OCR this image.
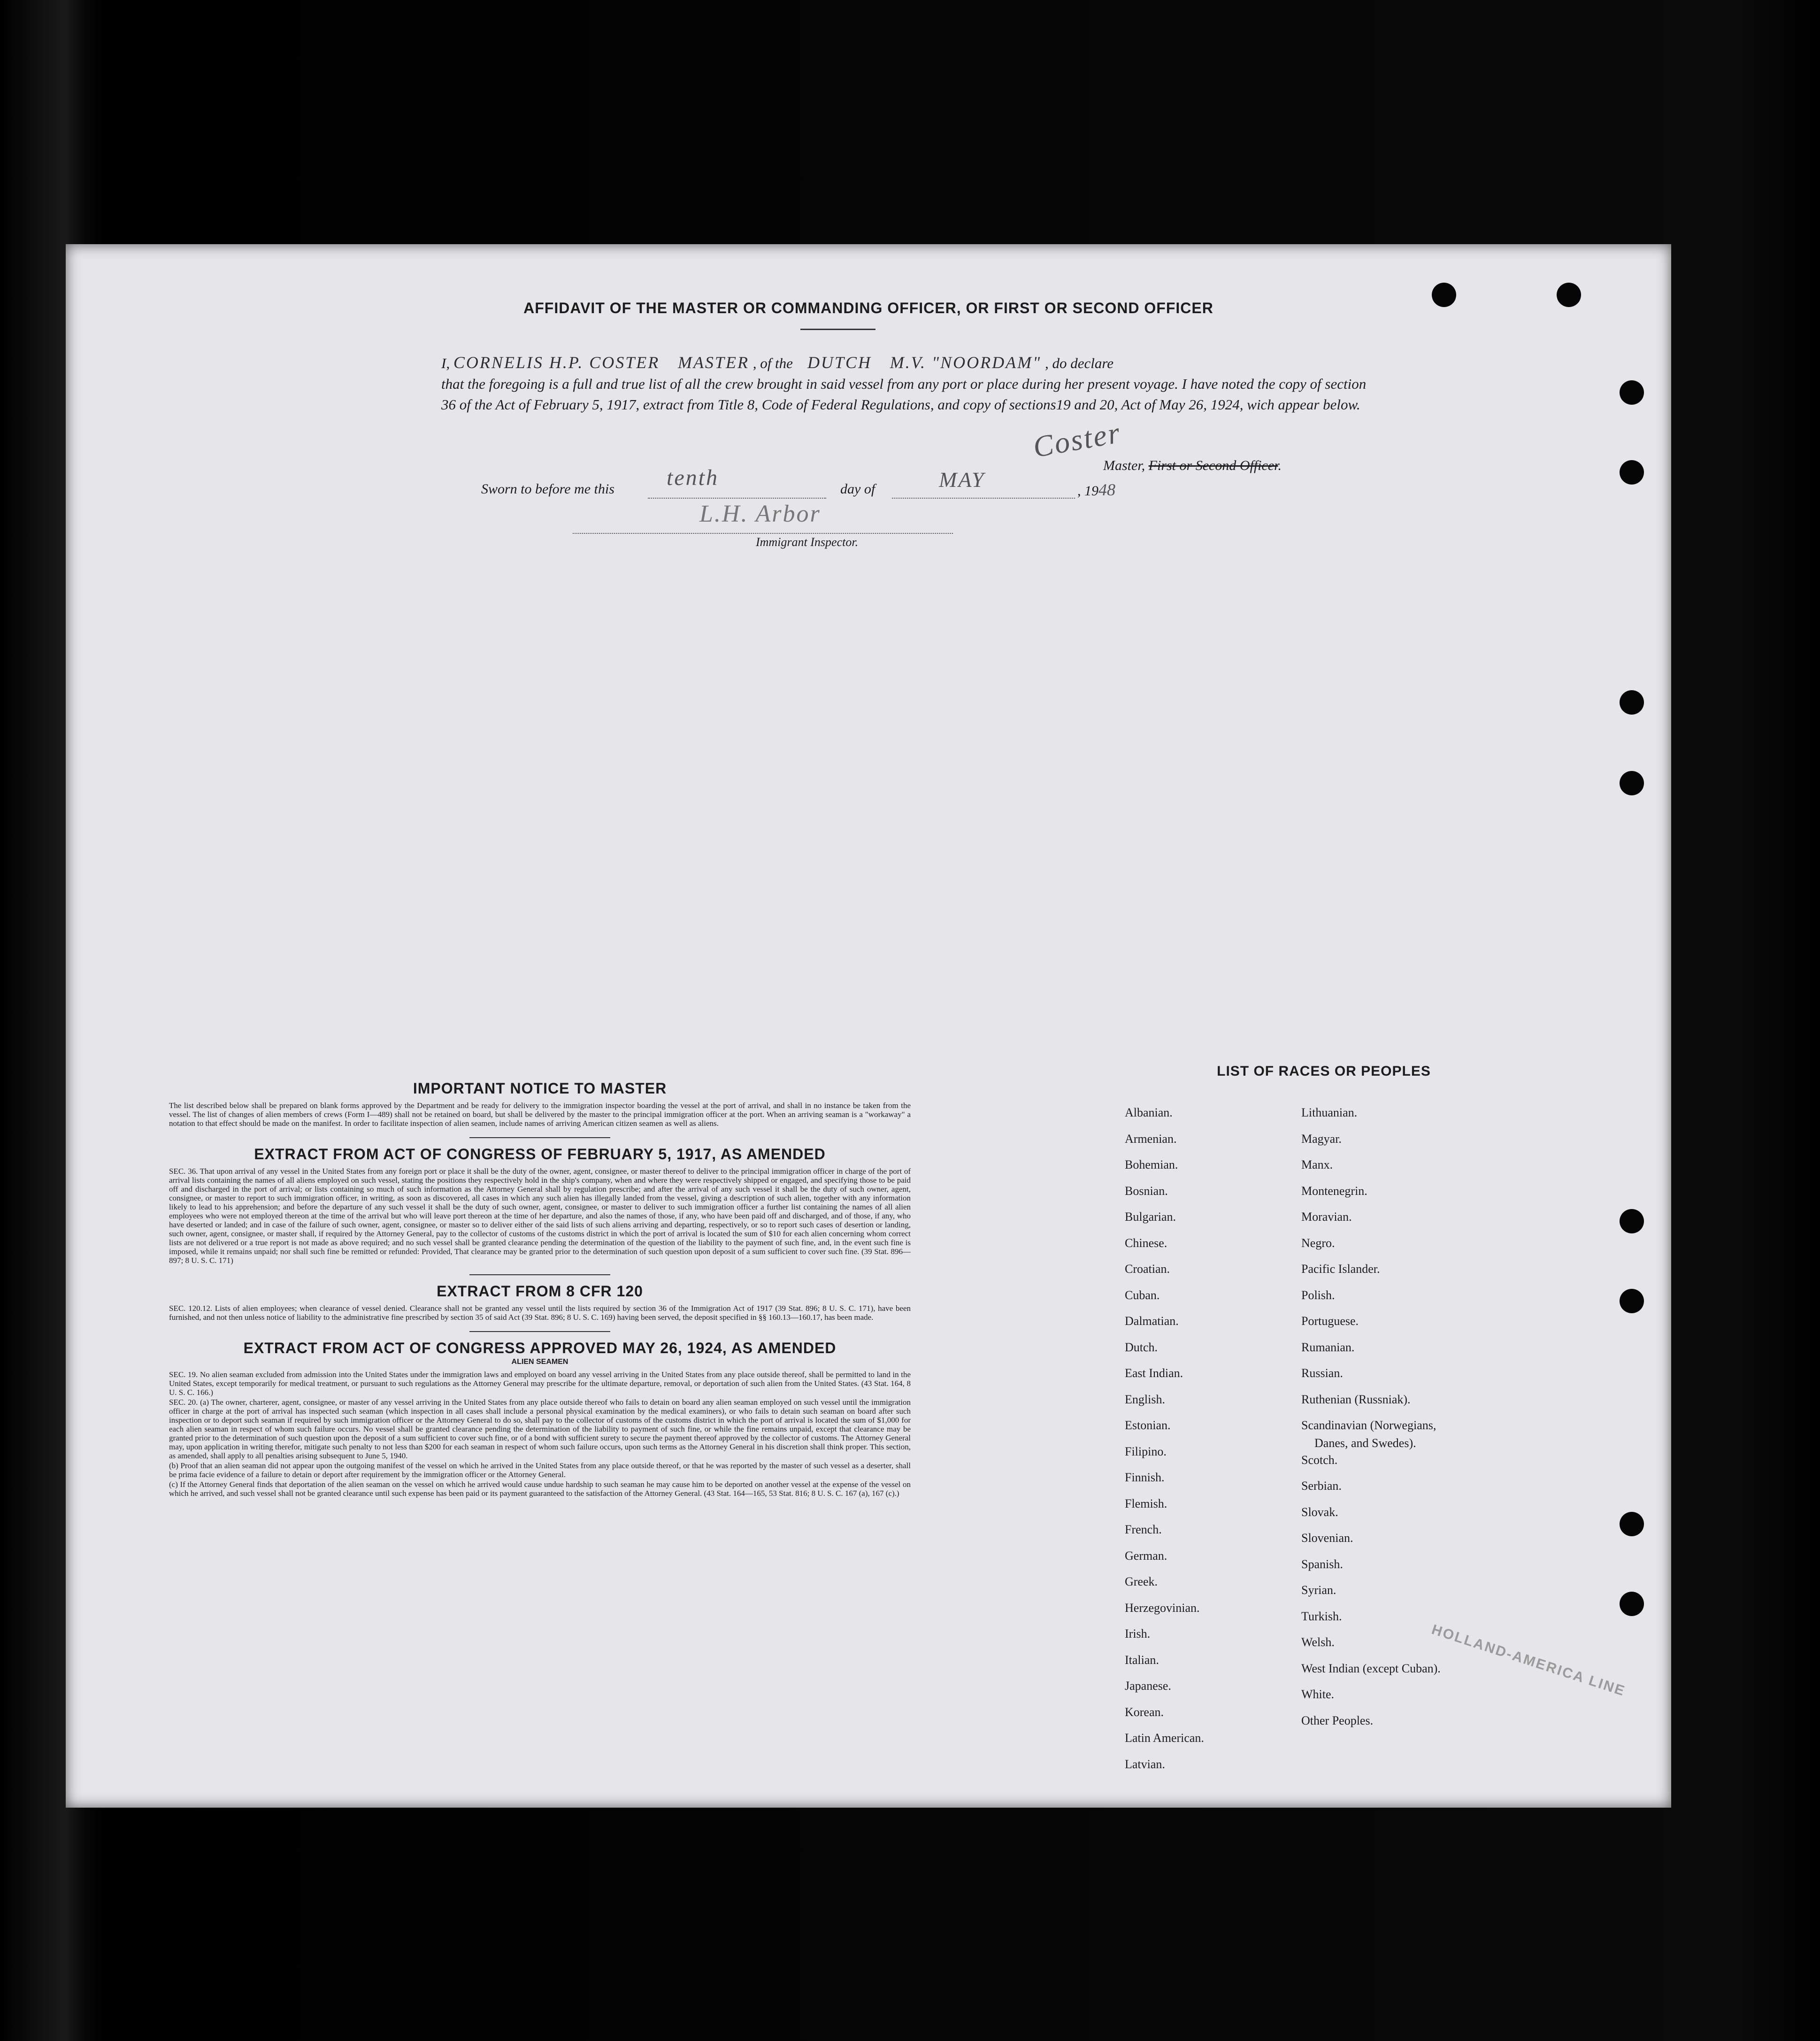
AFFIDAVIT OF THE MASTER OR COMMANDING OFFICER, OR FIRST OR SECOND OFFICER
I, CORNELIS H.P. COSTER MASTER , of the DUTCH M.V. "NOORDAM" , do declare
that the foregoing is a full and true list of all the crew brought in said vessel from any port or place during her present voyage. I have noted the copy of section 36 of the Act of February 5, 1917, extract from Title 8, Code of Federal Regulations, and copy of sections19 and 20, Act of May 26, 1924, wich appear below.
Coster
Master, First or Second Officer.
Sworn to before me this tenth	day of	MAY	, 1948
L.H. Arbor
Immigrant Inspector.

IMPORTANT NOTICE TO MASTER

The list described below shall be prepared on blank forms approved by the Department and be ready for delivery to the immigration inspector boarding the vessel at the port of arrival, and shall in no instance be taken from the vessel. The list of changes of alien members of crews (Form I—489) shall not be retained on board, but shall be delivered by the master to the principal immigration officer at the port. When an arriving seaman is a "workaway" a notation to that effect should be made on the manifest. In order to facilitate inspection of alien seamen, include names of arriving American citizen seamen as well as aliens.

EXTRACT FROM ACT OF CONGRESS OF FEBRUARY 5, 1917, AS AMENDED

SEC. 36. That upon arrival of any vessel in the United States from any foreign port or place it shall be the duty of the owner, agent, consignee, or master thereof to deliver to the principal immigration officer in charge of the port of arrival lists containing the names of all aliens employed on such vessel, stating the positions they respectively hold in the ship's company, when and where they were respectively shipped or engaged, and specifying those to be paid off and discharged in the port of arrival; or lists containing so much of such information as the Attorney General shall by regulation prescribe; and after the arrival of any such vessel it shall be the duty of such owner, agent, consignee, or master to report to such immigration officer, in writing, as soon as discovered, all cases in which any such alien has illegally landed from the vessel, giving a description of such alien, together with any information likely to lead to his apprehension; and before the departure of any such vessel it shall be the duty of such owner, agent, consignee, or master to deliver to such immigration officer a further list containing the names of all alien employees who were not employed thereon at the time of the arrival but who will leave port thereon at the time of her departure, and also the names of those, if any, who have been paid off and discharged, and of those, if any, who have deserted or landed; and in case of the failure of such owner, agent, consignee, or master so to deliver either of the said lists of such aliens arriving and departing, respectively, or so to report such cases of desertion or landing, such owner, agent, consignee, or master shall, if required by the Attorney General, pay to the collector of customs of the customs district in which the port of arrival is located the sum of $10 for each alien concerning whom correct lists are not delivered or a true report is not made as above required; and no such vessel shall be granted clearance pending the determination of the question of the liability to the payment of such fine, and, in the event such fine is imposed, while it remains unpaid; nor shall such fine be remitted or refunded: Provided, That clearance may be granted prior to the determination of such question upon deposit of a sum sufficient to cover such fine. (39 Stat. 896—897; 8 U. S. C. 171)

EXTRACT FROM 8 CFR 120

SEC. 120.12. Lists of alien employees; when clearance of vessel denied. Clearance shall not be granted any vessel until the lists required by section 36 of the Immigration Act of 1917 (39 Stat. 896; 8 U. S. C. 171), have been furnished, and not then unless notice of liability to the administrative fine prescribed by section 35 of said Act (39 Stat. 896; 8 U. S. C. 169) having been served, the deposit specified in §§ 160.13—160.17, has been made.

EXTRACT FROM ACT OF CONGRESS APPROVED MAY 26, 1924, AS AMENDED

ALIEN SEAMEN

SEC. 19. No alien seaman excluded from admission into the United States under the immigration laws and employed on board any vessel arriving in the United States from any place outside thereof, shall be permitted to land in the United States, except temporarily for medical treatment, or pursuant to such regulations as the Attorney General may prescribe for the ultimate departure, removal, or deportation of such alien from the United States. (43 Stat. 164, 8 U. S. C. 166.)

SEC. 20. (a) The owner, charterer, agent, consignee, or master of any vessel arriving in the United States from any place outside thereof who fails to detain on board any alien seaman employed on such vessel until the immigration officer in charge at the port of arrival has inspected such seaman (which inspection in all cases shall include a personal physical examination by the medical examiners), or who fails to detain such seaman on board after such inspection or to deport such seaman if required by such immigration officer or the Attorney General to do so, shall pay to the collector of customs of the customs district in which the port of arrival is located the sum of $1,000 for each alien seaman in respect of whom such failure occurs. No vessel shall be granted clearance pending the determination of the liability to payment of such fine, or while the fine remains unpaid, except that clearance may be granted prior to the determination of such question upon the deposit of a sum sufficient to cover such fine, or of a bond with sufficient surety to secure the payment thereof approved by the collector of customs. The Attorney General may, upon application in writing therefor, mitigate such penalty to not less than $200 for each seaman in respect of whom such failure occurs, upon such terms as the Attorney General in his discretion shall think proper. This section, as amended, shall apply to all penalties arising subsequent to June 5, 1940.

(b) Proof that an alien seaman did not appear upon the outgoing manifest of the vessel on which he arrived in the United States from any place outside thereof, or that he was reported by the master of such vessel as a deserter, shall be prima facie evidence of a failure to detain or deport after requirement by the immigration officer or the Attorney General.

(c) If the Attorney General finds that deportation of the alien seaman on the vessel on which he arrived would cause undue hardship to such seaman he may cause him to be deported on another vessel at the expense of the vessel on which he arrived, and such vessel shall not be granted clearance until such expense has been paid or its payment guaranteed to the satisfaction of the Attorney General. (43 Stat. 164—165, 53 Stat. 816; 8 U. S. C. 167 (a), 167 (c).)

LIST OF RACES OR PEOPLES
Albanian.
Armenian.
Bohemian.
Bosnian.
Bulgarian.
Chinese.
Croatian.
Cuban.
Dalmatian.
Dutch.
East Indian.
English.
Estonian.
Filipino.
Finnish.
Flemish.
French.
German.
Greek.
Herzegovinian.
Irish.
Italian.
Japanese.
Korean.
Latin American.
Latvian.
Lithuanian.
Magyar.
Manx.
Montenegrin.
Moravian.
Negro.
Pacific Islander.
Polish.
Portuguese.
Rumanian.
Russian.
Ruthenian (Russniak).
Scandinavian (Norwegians,
Danes, and Swedes).
Scotch.
Serbian.
Slovak.
Slovenian.
Spanish.
Syrian.
Turkish.
Welsh.
West Indian (except Cuban).
White.
Other Peoples.
HOLLAND-AMERICA LINE
